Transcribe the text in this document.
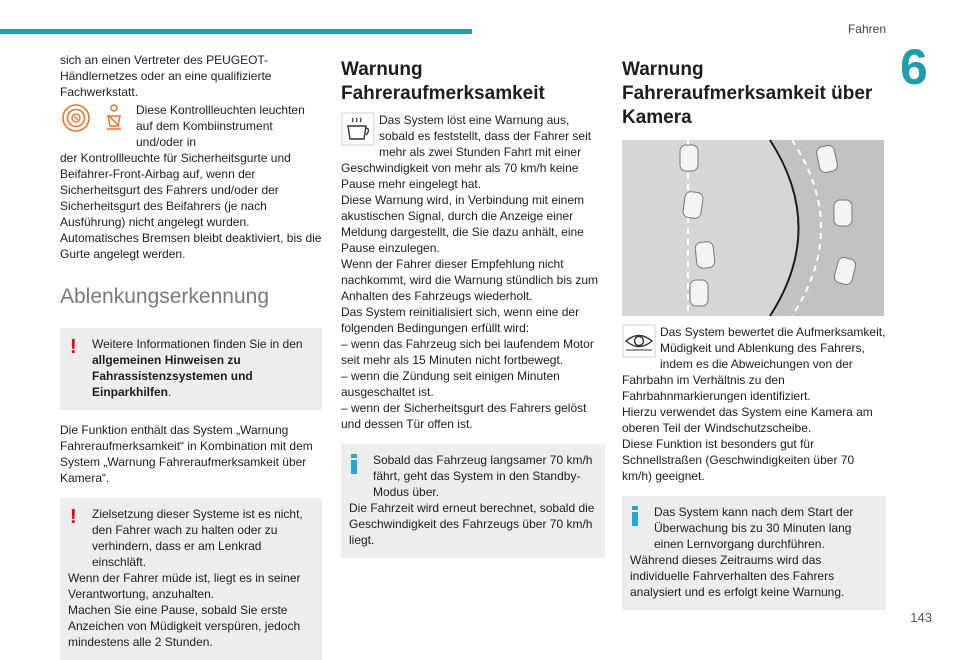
Fahren
6

sich an einen Vertreter des PEUGEOT-Händlernetzes oder an eine qualifizierte Fachwerkstatt.

Diese Kontrollleuchten leuchten auf dem Kombiinstrument und/oder in

der Kontrollleuchte für Sicherheitsgurte und Beifahrer-Front-Airbag auf, wenn der Sicherheitsgurt des Fahrers und/oder der Sicherheitsgurt des Beifahrers (je nach Ausführung) nicht angelegt wurden. Automatisches Bremsen bleibt deaktiviert, bis die Gurte angelegt werden.

Ablenkungserkennung
!	Weitere Informationen finden Sie in den allgemeinen Hinweisen zu Fahrassistenzsystemen und Einparkhilfen.

Die Funktion enthält das System „Warnung Fahreraufmerksamkeit“ in Kombination mit dem System „Warnung Fahreraufmerksamkeit über Kamera“.

!	Zielsetzung dieser Systeme ist es nicht, den Fahrer wach zu halten oder zu verhindern, dass er am Lenkrad einschläft.

Wenn der Fahrer müde ist, liegt es in seiner Verantwortung, anzuhalten.

Machen Sie eine Pause, sobald Sie erste Anzeichen von Müdigkeit verspüren, jedoch mindestens alle 2 Stunden.

Warnung Fahreraufmerksamkeit

Das System löst eine Warnung aus, sobald es feststellt, dass der Fahrer seit mehr als zwei Stunden Fahrt mit einer Geschwindigkeit von mehr als 70 km/h keine Pause mehr eingelegt hat.

Diese Warnung wird, in Verbindung mit einem akustischen Signal, durch die Anzeige einer Meldung dargestellt, die Sie dazu anhält, eine Pause einzulegen.

Wenn der Fahrer dieser Empfehlung nicht nachkommt, wird die Warnung stündlich bis zum Anhalten des Fahrzeugs wiederholt.

Das System reinitialisiert sich, wenn eine der folgenden Bedingungen erfüllt wird:

– wenn das Fahrzeug sich bei laufendem Motor seit mehr als 15 Minuten nicht fortbewegt.

– wenn die Zündung seit einigen Minuten ausgeschaltet ist.

– wenn der Sicherheitsgurt des Fahrers gelöst und dessen Tür offen ist.

Sobald das Fahrzeug langsamer 70 km/h fährt, geht das System in den Standby-Modus über.

Die Fahrzeit wird erneut berechnet, sobald die Geschwindigkeit des Fahrzeugs über 70 km/h liegt.

Warnung Fahreraufmerksamkeit über Kamera

Das System bewertet die Aufmerksamkeit, Müdigkeit und Ablenkung des Fahrers, indem es die Abweichungen von der Fahrbahn im Verhältnis zu den Fahrbahnmarkierungen identifiziert.

Hierzu verwendet das System eine Kamera am oberen Teil der Windschutzscheibe.

Diese Funktion ist besonders gut für Schnellstraßen (Geschwindigkeiten über 70 km/h) geeignet.

Das System kann nach dem Start der Überwachung bis zu 30 Minuten lang einen Lernvorgang durchführen.

Während dieses Zeitraums wird das individuelle Fahrverhalten des Fahrers analysiert und es erfolgt keine Warnung.

143
